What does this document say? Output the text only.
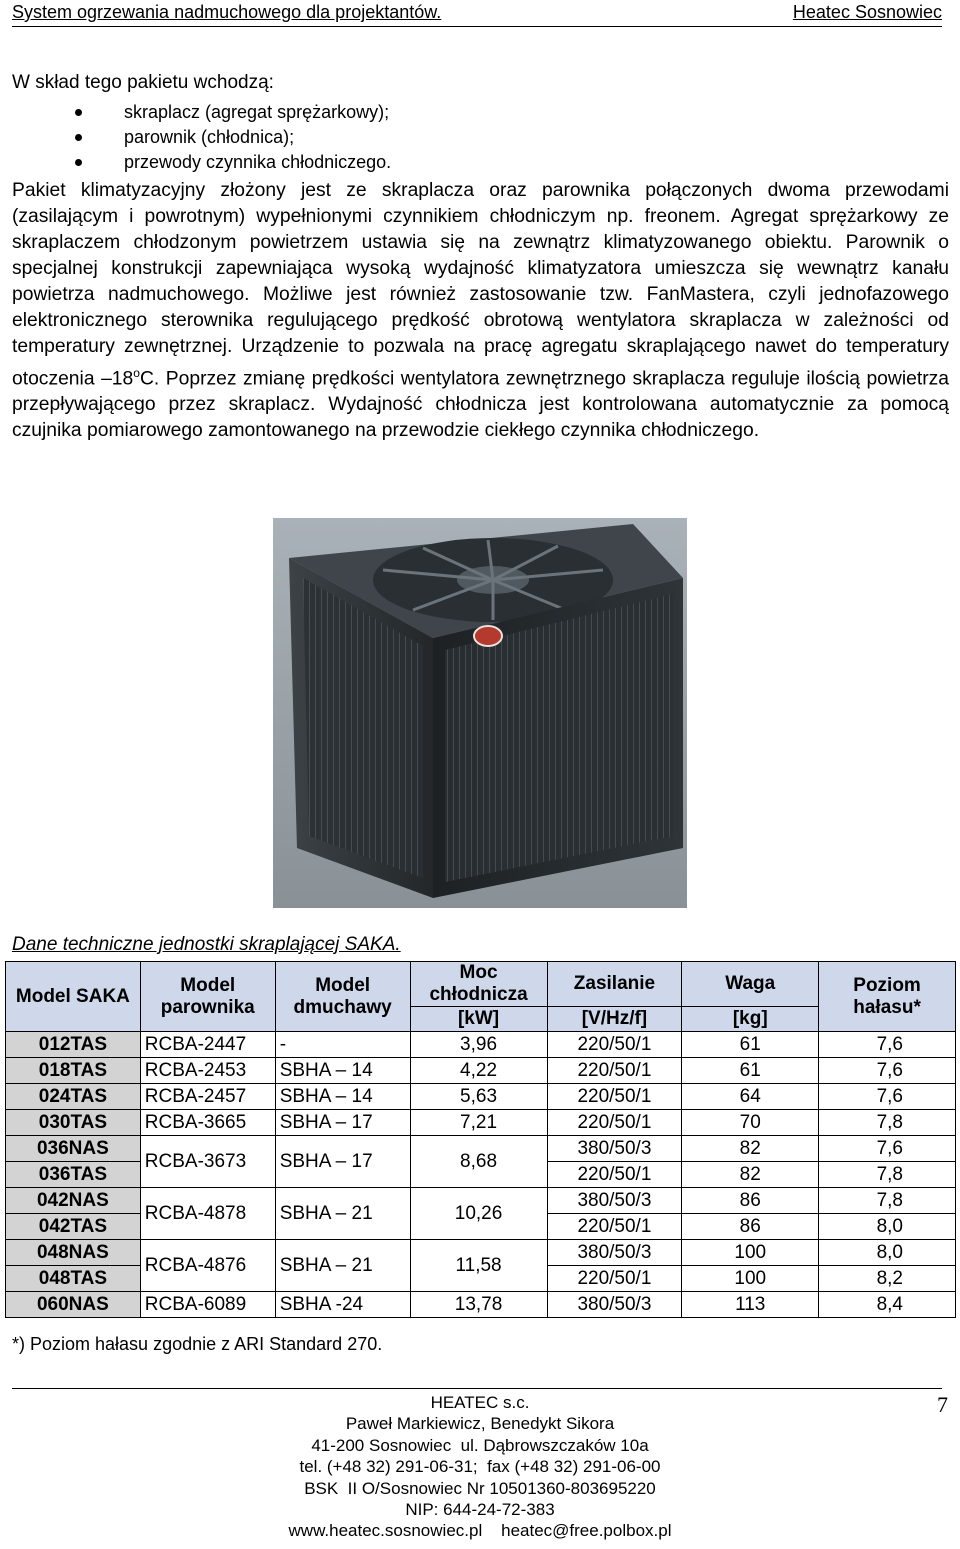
System ogrzewania nadmuchowego dla projektantów.	Heatec Sosnowiec
W skład tego pakietu wchodzą:
skraplacz (agregat sprężarkowy);
parownik (chłodnica);
przewody czynnika chłodniczego.

Pakiet klimatyzacyjny złożony jest ze skraplacza oraz parownika połączonych dwoma przewodami (zasilającym i powrotnym) wypełnionymi czynnikiem chłodniczym np. freonem. Agregat sprężarkowy ze skraplaczem chłodzonym powietrzem ustawia się na zewnątrz klimatyzowanego obiektu. Parownik o specjalnej konstrukcji zapewniająca wysoką wydajność klimatyzatora umieszcza się wewnątrz kanału powietrza nadmuchowego. Możliwe jest również zastosowanie tzw. FanMastera, czyli jednofazowego elektronicznego sterownika regulującego prędkość obrotową wentylatora skraplacza w zależności od temperatury zewnętrznej. Urządzenie to pozwala na pracę agregatu skraplającego nawet do temperatury otoczenia –18$^o$C. Poprzez zmianę prędkości wentylatora zewnętrznego skraplacza reguluje ilością powietrza przepływającego przez skraplacz. Wydajność chłodnicza jest kontrolowana automatycznie za pomocą czujnika pomiarowego zamontowanego na przewodzie ciekłego czynnika chłodniczego.

Dane techniczne jednostki skraplającej SAKA.
Model SAKA	Model parownika	Model dmuchawy	Moc chłodnicza	Zasilanie	Waga	Poziom hałasu*
			[kW]	[V/Hz/f]	[kg]	
012TAS	RCBA-2447	-	3,96	220/50/1	61	7,6
018TAS	RCBA-2453	SBHA – 14	4,22	220/50/1	61	7,6
024TAS	RCBA-2457	SBHA – 14	5,63	220/50/1	64	7,6
030TAS	RCBA-3665	SBHA – 17	7,21	220/50/1	70	7,8
036NAS	RCBA-3673	SBHA – 17	8,68	380/50/3	82	7,6
036TAS				220/50/1	82	7,8
042NAS	RCBA-4878	SBHA – 21	10,26	380/50/3	86	7,8
042TAS				220/50/1	86	8,0
048NAS	RCBA-4876	SBHA – 21	11,58	380/50/3	100	8,0
048TAS				220/50/1	100	8,2
060NAS	RCBA-6089	SBHA -24	13,78	380/50/3	113	8,4
*) Poziom hałasu zgodnie z ARI Standard 270.
HEATEC s.c.
Paweł Markiewicz, Benedykt Sikora
41-200 Sosnowiec  ul. Dąbrowszczaków 10a
tel. (+48 32) 291-06-31;  fax (+48 32) 291-06-00
BSK  II O/Sosnowiec Nr 10501360-803695220
NIP: 644-24-72-383
www.heatec.sosnowiec.pl    heatec@free.polbox.pl
7
